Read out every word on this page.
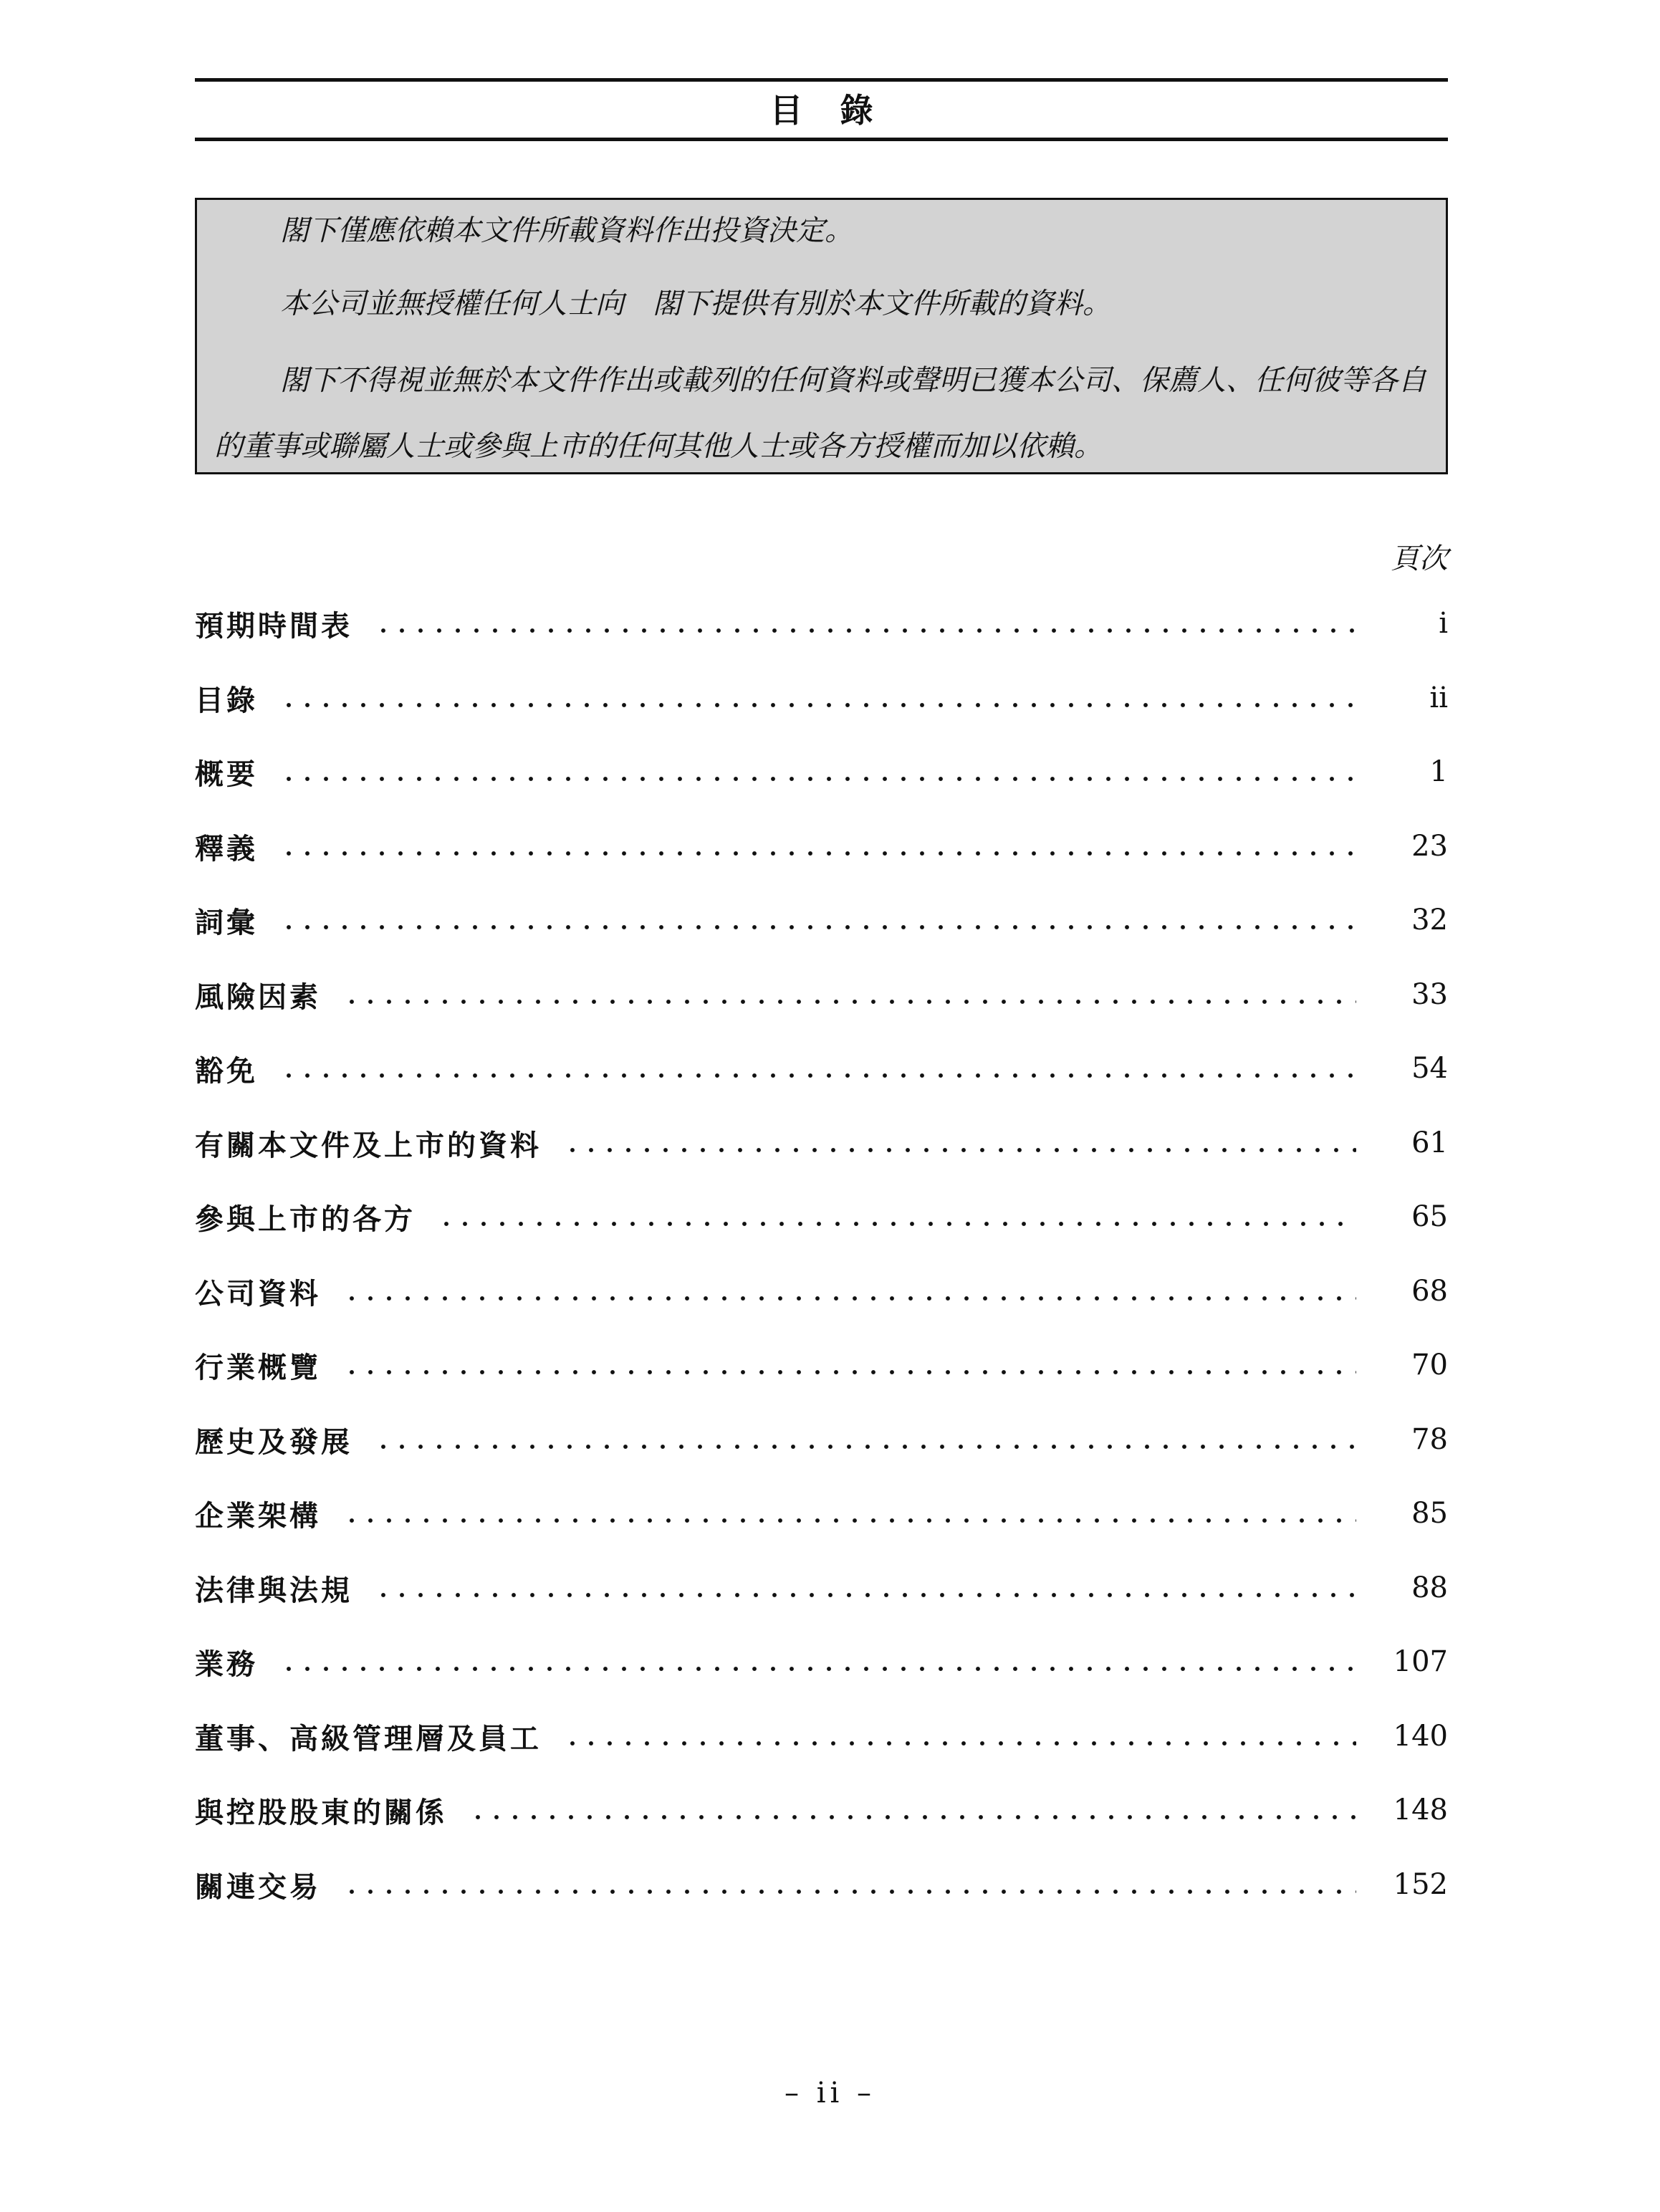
目錄

閣下僅應依賴本文件所載資料作出投資決定。

本公司並無授權任何人士向　閣下提供有別於本文件所載的資料。

閣下不得視並無於本文件作出或載列的任何資料或聲明已獲本公司、保薦人、任何彼等各自的董事或聯屬人士或參與上市的任何其他人士或各方授權而加以依賴。

頁次
預期時間表	i
目錄	ii
概要	1
釋義	23
詞彙	32
風險因素	33
豁免	54
有關本文件及上市的資料	61
參與上市的各方	65
公司資料	68
行業概覽	70
歷史及發展	78
企業架構	85
法律與法規	88
業務	107
董事、高級管理層及員工	140
與控股股東的關係	148
關連交易	152
– ii –
